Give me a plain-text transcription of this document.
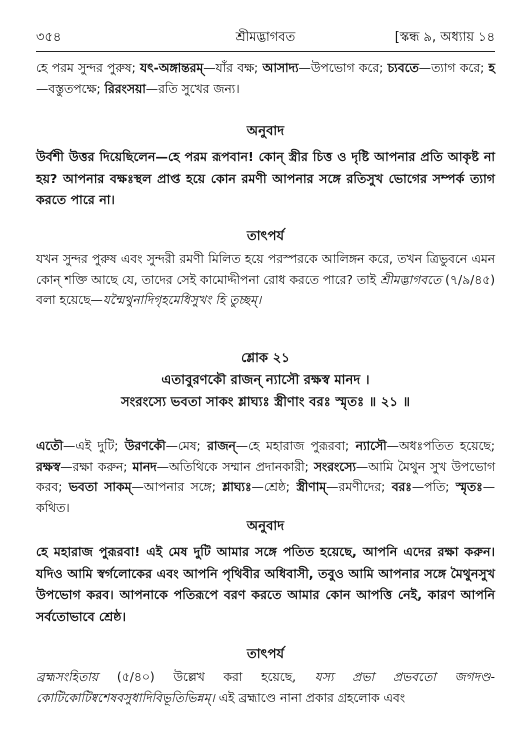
৩৫৪	শ্রীমদ্ভাগবত	[স্কন্ধ ৯, অধ্যায় ১৪

হে পরম সুন্দর পুরুষ; যৎ-অঙ্গান্তরম্—যাঁর বক্ষ; আসাদ্য—উপভোগ করে; চ্যবতে—ত্যাগ করে; হ—বস্তুতপক্ষে; রিরংসয়া—রতি সুখের জন্য।

অনুবাদ

উর্বশী উত্তর দিয়েছিলেন—হে পরম রূপবান! কোন্ স্ত্রীর চিত্ত ও দৃষ্টি আপনার প্রতি আকৃষ্ট না হয়? আপনার বক্ষঃস্থল প্রাপ্ত হয়ে কোন রমণী আপনার সঙ্গে রতিসুখ ভোগের সম্পর্ক ত্যাগ করতে পারে না।

তাৎপর্য

যখন সুন্দর পুরুষ এবং সুন্দরী রমণী মিলিত হয়ে পরস্পরকে আলিঙ্গন করে, তখন ত্রিভুবনে এমন কোন্ শক্তি আছে যে, তাদের সেই কামোদ্দীপনা রোধ করতে পারে? তাই শ্রীমদ্ভাগবতে (৭/৯/৪৫) বলা হয়েছে—যন্মৈথুনাদিগৃহমেধিসুখং হি তুচ্ছম্।

শ্লোক ২১

এতাবুরণকৌ রাজন্ ন্যাসৌ রক্ষস্ব মানদ ।

সংরংস্যে ভবতা সাকং শ্লাঘ্যঃ স্ত্রীণাং বরঃ স্মৃতঃ ॥ ২১ ॥

এতৌ—এই দুটি; উরণকৌ—মেষ; রাজন্—হে মহারাজ পুরূরবা; ন্যাসৌ—অধঃপতিত হয়েছে; রক্ষস্ব—রক্ষা করুন; মানদ—অতিথিকে সম্মান প্রদানকারী; সংরংস্যে—আমি মৈথুন সুখ উপভোগ করব; ভবতা সাকম্—আপনার সঙ্গে; শ্লাঘ্যঃ—শ্রেষ্ঠ; স্ত্রীণাম্—রমণীদের; বরঃ—পতি; স্মৃতঃ—কথিত।

অনুবাদ

হে মহারাজ পুরূরবা! এই মেষ দুটি আমার সঙ্গে পতিত হয়েছে, আপনি এদের রক্ষা করুন। যদিও আমি স্বর্গলোকের এবং আপনি পৃথিবীর অধিবাসী, তবুও আমি আপনার সঙ্গে মৈথুনসুখ উপভোগ করব। আপনাকে পতিরূপে বরণ করতে আমার কোন আপত্তি নেই, কারণ আপনি সর্বতোভাবে শ্রেষ্ঠ।

তাৎপর্য

ব্রহ্মসংহিতায় (৫/৪০) উল্লেখ করা হয়েছে, যস্য প্রভা প্রভবতো জগদণ্ড-কোটিকোটিষ্বশেষবসুধাদিবিভূতিভিন্নম্। এই ব্রহ্মাণ্ডে নানা প্রকার গ্রহলোক এবং
